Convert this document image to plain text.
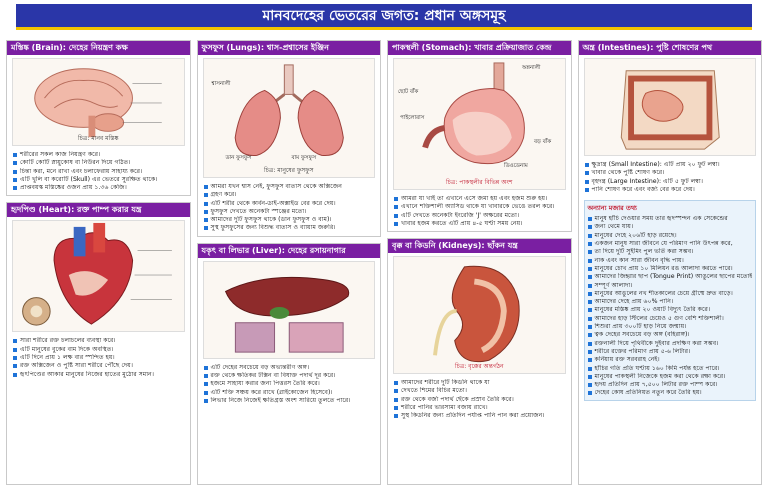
মানবদেহের ভেতরের জগত: প্রধান অঙ্গসমূহ
মস্তিষ্ক (Brain): দেহের নিয়ন্ত্রণ কক্ষ
চিত্র: মানব মস্তিষ্ক
শরীরের সকল কাজ নিয়ন্ত্রণ করে।
কোটি কোটি স্নায়ুকোষ বা নিউরন দিয়ে গঠিত।
চিন্তা করা, মনে রাখা এবং চলাফেরায় সাহায্য করে।
এটি খুলি বা করোটি (Skull) এর ভেতরে সুরক্ষিত থাকে।
প্রাপ্তবয়স্ক মস্তিষ্কের ওজন প্রায় ১.৩৬ কেজি।
হৃদপিণ্ড (Heart): রক্ত পাম্প করার যন্ত্র
সারা শরীরে রক্ত চলাচলের ব্যবস্থা করে।
এটি মানুষের বুকের বাম দিকে অবস্থিত।
এটি দিনে প্রায় ১ লক্ষ বার স্পন্দিত হয়।
রক্ত অক্সিজেন ও পুষ্টি সারা শরীরে পৌঁছে দেয়।
হৃৎপিণ্ডের আকার মানুষের নিজের হাতের মুঠোর সমান।
ফুসফুস (Lungs): শ্বাস-প্রশ্বাসের ইঞ্জিন
শ্বাসনালী
ডান ফুসফুস	বাম ফুসফুস
চিত্র: মানুষের ফুসফুস
আমরা যখন শ্বাস নেই, ফুসফুস বাতাস থেকে অক্সিজেন
গ্রহণ করে।
এটি শরীর থেকে কার্বন-ডাই-অক্সাইড বের করে দেয়।
ফুসফুস দেখতে অনেকটা স্পঞ্জের মতো।
আমাদের দুটি ফুসফুস থাকে (ডান ফুসফুস ও বাম)।
সুস্থ ফুসফুসের জন্য বিশুদ্ধ বাতাস ও ব্যায়াম জরুরি।
যকৃৎ বা লিভার (Liver): দেহের রসায়নাগার
এটি দেহের সবচেয়ে বড় অভ্যন্তরীণ অঙ্গ।
রক্ত থেকে ক্ষতিকর টক্সিন বা বিষাক্ত পদার্থ দূর করে।
হজমে সাহায্য করার জন্য পিত্তরস তৈরি করে।
এটি শক্তি সঞ্চয় করে রাখে (গ্লাইকোজেন হিসেবে)।
লিভার নিজে নিজেই ক্ষতিগ্রস্ত অংশ সারিয়ে তুলতে পারে।
পাকস্থলী (Stomach): খাবার প্রক্রিয়াজাত কেন্দ্র
অন্ননালী
ছোট বাঁক
পাইলোরাস
বড় বাঁক
ডিওডেনাম
চিত্র: পাকস্থলীর বিভিন্ন অংশ
আমরা যা খাই তা এখানে এসে জমা হয় এবং হজম শুরু হয়।
এখানে শক্তিশালী অ্যাসিড থাকে যা খাবারকে ভেঙে তরল করে।
এটি দেখতে অনেকটা ইংরেজি 'J' অক্ষরের মতো।
খাবার হজম করতে এটি প্রায় ৪-৫ ঘণ্টা সময় নেয়।
বৃক্ক বা কিডনি (Kidneys): ছাঁকন যন্ত্র
চিত্র: বৃক্কের অন্তর্গঠন
আমাদের শরীরে দুটি কিডনি থাকে যা
দেখতে শিমের বিচির মতো।
রক্ত থেকে বর্জ্য পদার্থ ছেঁকে প্রস্রাব তৈরি করে।
শরীরে পানির ভারসাম্য বজায় রাখে।
সুস্থ কিডনির জন্য প্রতিদিন পর্যাপ্ত পানি পান করা প্রয়োজন।
অন্ত্র (Intestines): পুষ্টি শোষণের পথ
ক্ষুদ্রান্ত্র (Small Intestine): এটি প্রায় ২০ ফুট লম্বা।
খাবার থেকে পুষ্টি শোষণ করে।
বৃহদন্ত্র (Large Intestine): এটি ৫ ফুট লম্বা।
পানি শোষণ করে এবং বর্জ্য বের করে দেয়।
অন্যান্য মজার তথ্য
মানুষ হাঁচি দেওয়ার সময় তার হৃদস্পন্দন এক সেকেন্ডের
জন্য থেমে যায়।
মানুষের দেহে ২০৬টি হাড় রয়েছে।
একজন মানুষ সারা জীবনে যে পরিমাণ পানি উৎপন্ন করে,
তা দিয়ে দুটি সুইমিং পুল ভর্তি করা সম্ভব।
নাক এবং কান সারা জীবন বৃদ্ধি পায়।
মানুষের চোখ প্রায় ১০ মিলিয়ন রঙ আলাদা করতে পারে।
আমাদের জিহ্বার ছাপ (Tongue Print) আঙুলের ছাপের মতোই
সম্পূর্ণ আলাদা।
মানুষের আঙুলের নখ শীতকালের চেয়ে গ্রীষ্মে দ্রুত বাড়ে।
আমাদের দেহে প্রায় ৬০% পানি।
মানুষের মস্তিষ্ক প্রায় ২০ ওয়াট বিদ্যুৎ তৈরি করে।
আমাদের হাড় স্টিলের চেয়েও ৫ গুণ বেশি শক্তিশালী।
শিশুরা প্রায় ৩০০টি হাড় নিয়ে জন্মায়।
ত্বক দেহের সবচেয়ে বড় অঙ্গ (বহিরাঙ্গ)।
রক্তনালী দিয়ে পৃথিবীকে দুইবার প্রদক্ষিণ করা সম্ভব।
শরীরে রক্তের পরিমাণ প্রায় ৫-৬ লিটার।
কর্নিয়ায় রক্ত সরবরাহ নেই।
হাঁচির গতি প্রতি ঘণ্টায় ১৬০ কিমি পর্যন্ত হতে পারে।
মানুষের পাকস্থলী নিজেকে হজম করা থেকে রক্ষা করে।
হৃদয় প্রতিদিন প্রায় ৭,৫০০ লিটার রক্ত পাম্প করে।
দেহের কোষ প্রতিনিয়ত নতুন করে তৈরি হয়।
